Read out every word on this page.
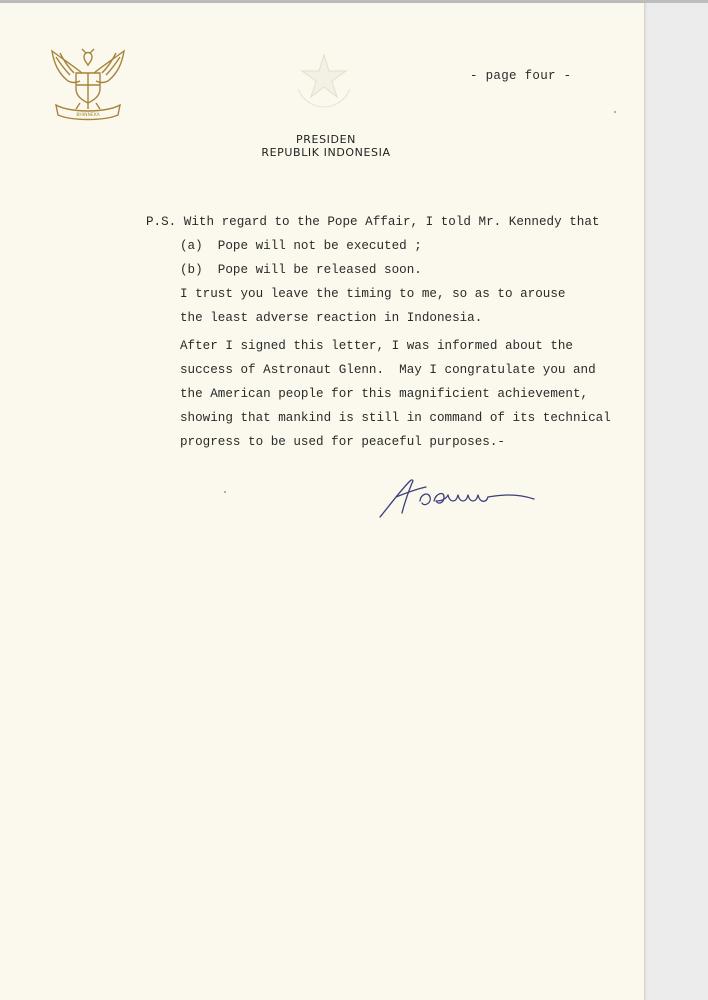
BHINNEKA
- page four -
PRESIDEN
REPUBLIK INDONESIA
P.S. With regard to the Pope Affair, I told Mr. Kennedy that
(a)  Pope will not be executed ;
(b)  Pope will be released soon.
I trust you leave the timing to me, so as to arouse
the least adverse reaction in Indonesia.
After I signed this letter, I was informed about the
success of Astronaut Glenn.  May I congratulate you and
the American people for this magnificient achievement,
showing that mankind is still in command of its technical
progress to be used for peaceful purposes.-
